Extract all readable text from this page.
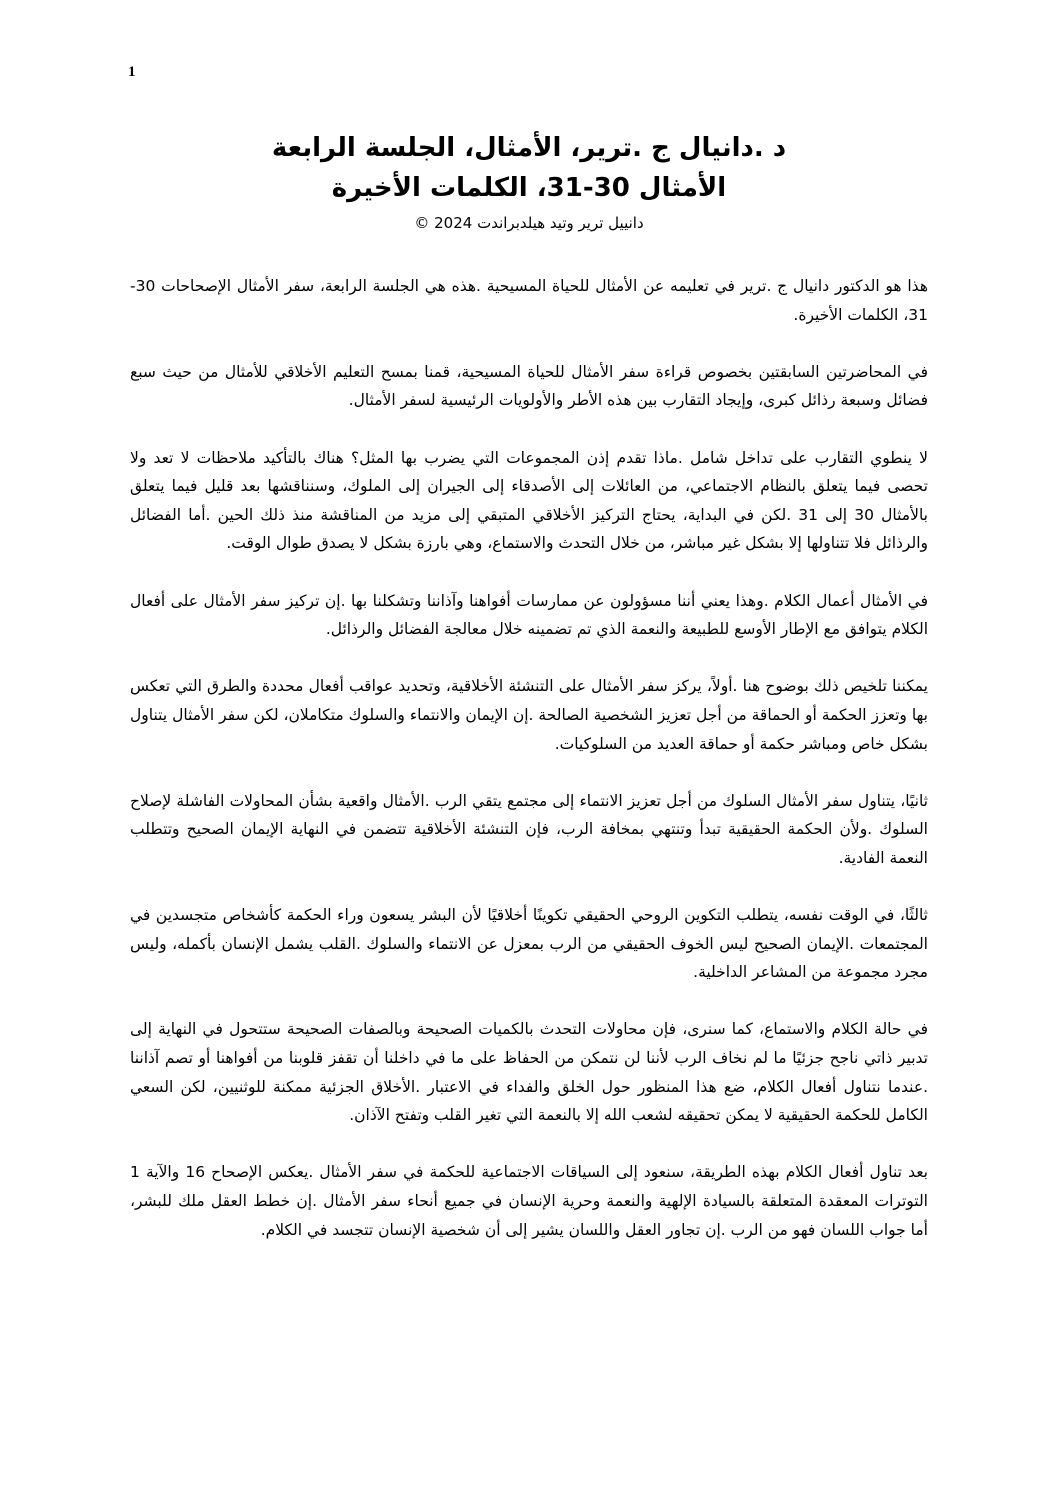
1
د .دانيال ج .ترير، الأمثال، الجلسة الرابعة
الأمثال 30-31، الكلمات الأخيرة
دانييل ترير وتيد هيلدبراندت 2024 ©

هذا هو الدكتور دانيال ج .ترير في تعليمه عن الأمثال للحياة المسيحية .هذه هي الجلسة الرابعة، سفر الأمثال الإصحاحات 30-31، الكلمات الأخيرة.

في المحاضرتين السابقتين بخصوص قراءة سفر الأمثال للحياة المسيحية، قمنا بمسح التعليم الأخلاقي للأمثال من حيث سبع فضائل وسبعة رذائل كبرى، وإيجاد التقارب بين هذه الأطر والأولويات الرئيسية لسفر الأمثال.

لا ينطوي التقارب على تداخل شامل .ماذا تقدم إذن المجموعات التي يضرب بها المثل؟ هناك بالتأكيد ملاحظات لا تعد ولا تحصى فيما يتعلق بالنظام الاجتماعي، من العائلات إلى الأصدقاء إلى الجيران إلى الملوك، وسنناقشها بعد قليل فيما يتعلق بالأمثال 30 إلى 31 .لكن في البداية، يحتاج التركيز الأخلاقي المتبقي إلى مزيد من المناقشة منذ ذلك الحين .أما الفضائل والرذائل فلا تتناولها إلا بشكل غير مباشر، من خلال التحدث والاستماع، وهي بارزة بشكل لا يصدق طوال الوقت.

في الأمثال أعمال الكلام .وهذا يعني أننا مسؤولون عن ممارسات أفواهنا وآذاننا وتشكلنا بها .إن تركيز سفر الأمثال على أفعال الكلام يتوافق مع الإطار الأوسع للطبيعة والنعمة الذي تم تضمينه خلال معالجة الفضائل والرذائل.

يمكننا تلخيص ذلك بوضوح هنا .أولاً، يركز سفر الأمثال على التنشئة الأخلاقية، وتحديد عواقب أفعال محددة والطرق التي تعكس بها وتعزز الحكمة أو الحماقة من أجل تعزيز الشخصية الصالحة .إن الإيمان والانتماء والسلوك متكاملان، لكن سفر الأمثال يتناول بشكل خاص ومباشر حكمة أو حماقة العديد من السلوكيات.

ثانيًا، يتناول سفر الأمثال السلوك من أجل تعزيز الانتماء إلى مجتمع يتقي الرب .الأمثال واقعية بشأن المحاولات الفاشلة لإصلاح السلوك .ولأن الحكمة الحقيقية تبدأ وتنتهي بمخافة الرب، فإن التنشئة الأخلاقية تتضمن في النهاية الإيمان الصحيح وتتطلب النعمة الفادية.

ثالثًا، في الوقت نفسه، يتطلب التكوين الروحي الحقيقي تكوينًا أخلاقيًا لأن البشر يسعون وراء الحكمة كأشخاص متجسدين في المجتمعات .الإيمان الصحيح ليس الخوف الحقيقي من الرب بمعزل عن الانتماء والسلوك .القلب يشمل الإنسان بأكمله، وليس مجرد مجموعة من المشاعر الداخلية.

في حالة الكلام والاستماع، كما سنرى، فإن محاولات التحدث بالكميات الصحيحة وبالصفات الصحيحة ستتحول في النهاية إلى تدبير ذاتي ناجح جزئيًا ما لم نخاف الرب لأننا لن نتمكن من الحفاظ على ما في داخلنا أن تقفز قلوبنا من أفواهنا أو تصم آذاننا .عندما نتناول أفعال الكلام، ضع هذا المنظور حول الخلق والفداء في الاعتبار .الأخلاق الجزئية ممكنة للوثنيين، لكن السعي الكامل للحكمة الحقيقية لا يمكن تحقيقه لشعب الله إلا بالنعمة التي تغير القلب وتفتح الآذان.

بعد تناول أفعال الكلام بهذه الطريقة، سنعود إلى السياقات الاجتماعية للحكمة في سفر الأمثال .يعكس الإصحاح 16 والآية 1 التوترات المعقدة المتعلقة بالسيادة الإلهية والنعمة وحرية الإنسان في جميع أنحاء سفر الأمثال .إن خطط العقل ملك للبشر، أما جواب اللسان فهو من الرب .إن تجاور العقل واللسان يشير إلى أن شخصية الإنسان تتجسد في الكلام.
